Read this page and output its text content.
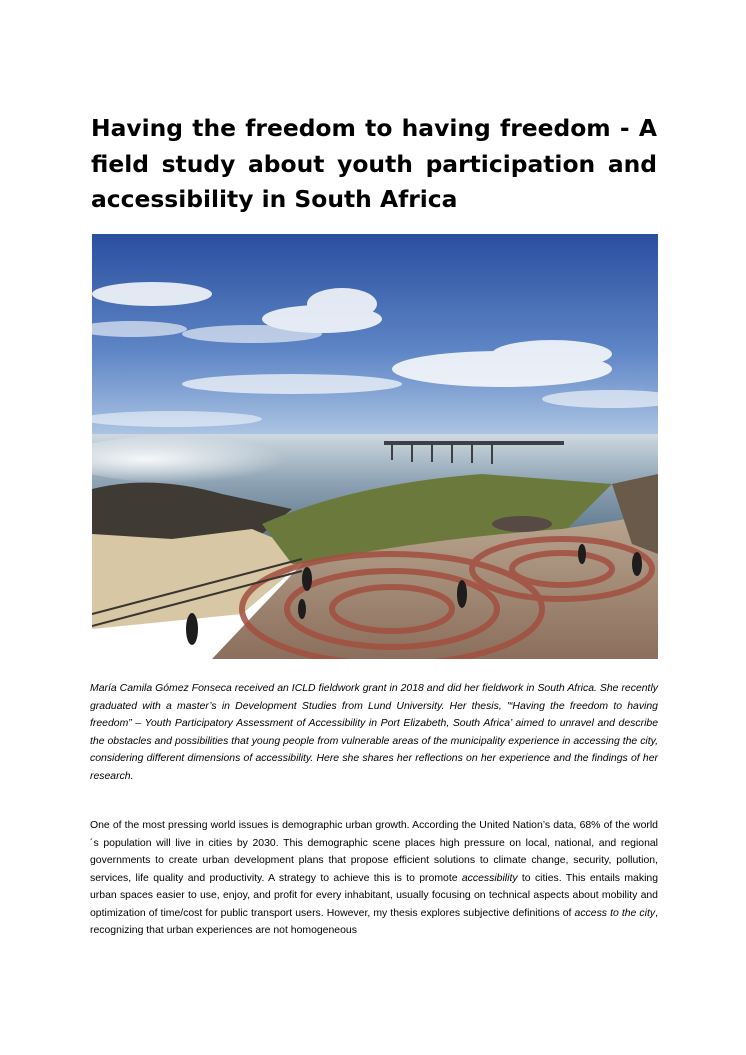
Having the freedom to having freedom - A field study about youth participation and accessibility in South Africa

María Camila Gómez Fonseca received an ICLD fieldwork grant in 2018 and did her fieldwork in South Africa. She recently graduated with a master’s in Development Studies from Lund University. Her thesis, '“Having the freedom to having freedom” – Youth Participatory Assessment of Accessibility in Port Elizabeth, South Africa’ aimed to unravel and describe the obstacles and possibilities that young people from vulnerable areas of the municipality experience in accessing the city, considering different dimensions of accessibility. Here she shares her reflections on her experience and the findings of her research.

One of the most pressing world issues is demographic urban growth. According the United Nation’s data, 68% of the world´s population will live in cities by 2030. This demographic scene places high pressure on local, national, and regional governments to create urban development plans that propose efficient solutions to climate change, security, pollution, services, life quality and productivity. A strategy to achieve this is to promote accessibility to cities. This entails making urban spaces easier to use, enjoy, and profit for every inhabitant, usually focusing on technical aspects about mobility and optimization of time/cost for public transport users. However, my thesis explores subjective definitions of access to the city, recognizing that urban experiences are not homogeneous
